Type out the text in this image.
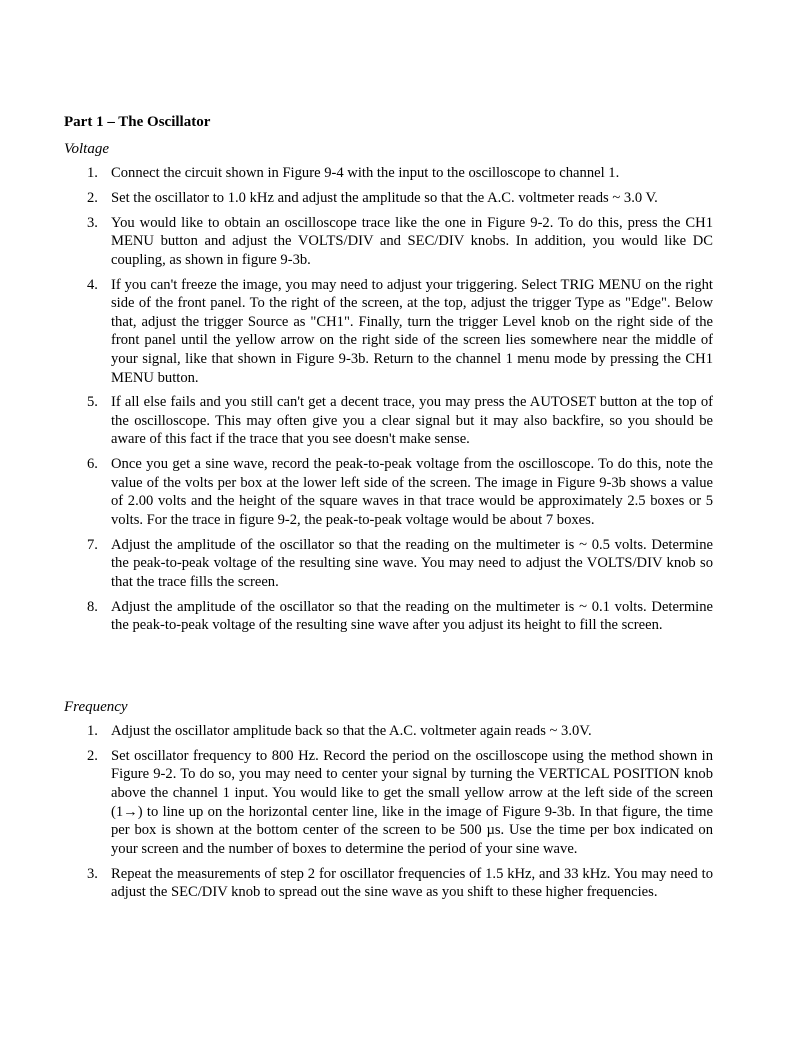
Part 1 – The Oscillator

Voltage

1. Connect the circuit shown in Figure 9-4 with the input to the oscilloscope to channel 1.
2. Set the oscillator to 1.0 kHz and adjust the amplitude so that the A.C. voltmeter reads ~ 3.0 V.
3. You would like to obtain an oscilloscope trace like the one in Figure 9-2. To do this, press the CH1 MENU button and adjust the VOLTS/DIV and SEC/DIV knobs. In addition, you would like DC coupling, as shown in figure 9-3b.
4. If you can't freeze the image, you may need to adjust your triggering. Select TRIG MENU on the right side of the front panel. To the right of the screen, at the top, adjust the trigger Type as "Edge". Below that, adjust the trigger Source as "CH1". Finally, turn the trigger Level knob on the right side of the front panel until the yellow arrow on the right side of the screen lies somewhere near the middle of your signal, like that shown in Figure 9-3b. Return to the channel 1 menu mode by pressing the CH1 MENU button.
5. If all else fails and you still can't get a decent trace, you may press the AUTOSET button at the top of the oscilloscope. This may often give you a clear signal but it may also backfire, so you should be aware of this fact if the trace that you see doesn't make sense.
6. Once you get a sine wave, record the peak-to-peak voltage from the oscilloscope. To do this, note the value of the volts per box at the lower left side of the screen. The image in Figure 9-3b shows a value of 2.00 volts and the height of the square waves in that trace would be approximately 2.5 boxes or 5 volts. For the trace in figure 9-2, the peak-to-peak voltage would be about 7 boxes.
7. Adjust the amplitude of the oscillator so that the reading on the multimeter is ~ 0.5 volts. Determine the peak-to-peak voltage of the resulting sine wave. You may need to adjust the VOLTS/DIV knob so that the trace fills the screen.
8. Adjust the amplitude of the oscillator so that the reading on the multimeter is ~ 0.1 volts. Determine the peak-to-peak voltage of the resulting sine wave after you adjust its height to fill the screen.

Frequency

1. Adjust the oscillator amplitude back so that the A.C. voltmeter again reads ~ 3.0V.
2. Set oscillator frequency to 800 Hz. Record the period on the oscilloscope using the method shown in Figure 9-2. To do so, you may need to center your signal by turning the VERTICAL POSITION knob above the channel 1 input. You would like to get the small yellow arrow at the left side of the screen (1→) to line up on the horizontal center line, like in the image of Figure 9-3b. In that figure, the time per box is shown at the bottom center of the screen to be 500 µs. Use the time per box indicated on your screen and the number of boxes to determine the period of your sine wave.
3. Repeat the measurements of step 2 for oscillator frequencies of 1.5 kHz, and 33 kHz. You may need to adjust the SEC/DIV knob to spread out the sine wave as you shift to these higher frequencies.
